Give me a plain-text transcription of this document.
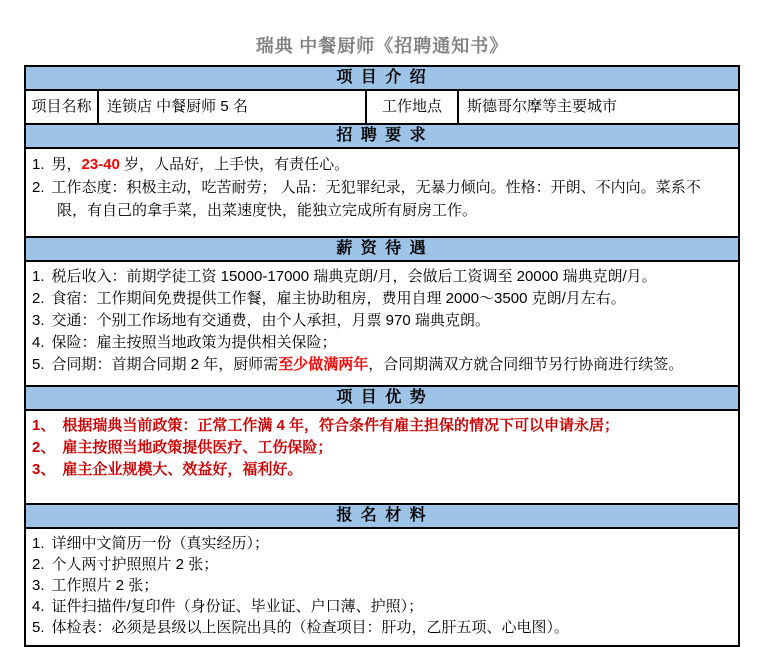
瑞典 中餐厨师《招聘通知书》
项 目 介 绍
项目名称	连锁店 中餐厨师 5 名	工作地点	斯德哥尔摩等主要城市
招 聘 要 求
1. 男，23-40 岁，人品好，上手快，有责任心。
2. 工作态度：积极主动，吃苦耐劳； 人品：无犯罪纪录，无暴力倾向。性格：开朗、不内向。菜系不限，有自己的拿手菜，出菜速度快，能独立完成所有厨房工作。
薪 资 待 遇
1. 税后收入：前期学徒工资 15000-17000 瑞典克朗/月，会做后工资调至 20000 瑞典克朗/月。
2. 食宿：工作期间免费提供工作餐，雇主协助租房，费用自理 2000～3500 克朗/月左右。
3. 交通：个别工作场地有交通费，由个人承担，月票 970 瑞典克朗。
4. 保险：雇主按照当地政策为提供相关保险；
5. 合同期：首期合同期 2 年，厨师需至少做满两年，合同期满双方就合同细节另行协商进行续签。
项 目 优 势
1、 根据瑞典当前政策：正常工作满 4 年，符合条件有雇主担保的情况下可以申请永居；
2、 雇主按照当地政策提供医疗、工伤保险；
3、 雇主企业规模大、效益好，福利好。
报 名 材 料
1. 详细中文简历一份（真实经历）；
2. 个人两寸护照照片 2 张；
3. 工作照片 2 张；
4. 证件扫描件/复印件（身份证、毕业证、户口薄、护照）；
5. 体检表：必须是县级以上医院出具的（检查项目：肝功，乙肝五项、心电图）。
